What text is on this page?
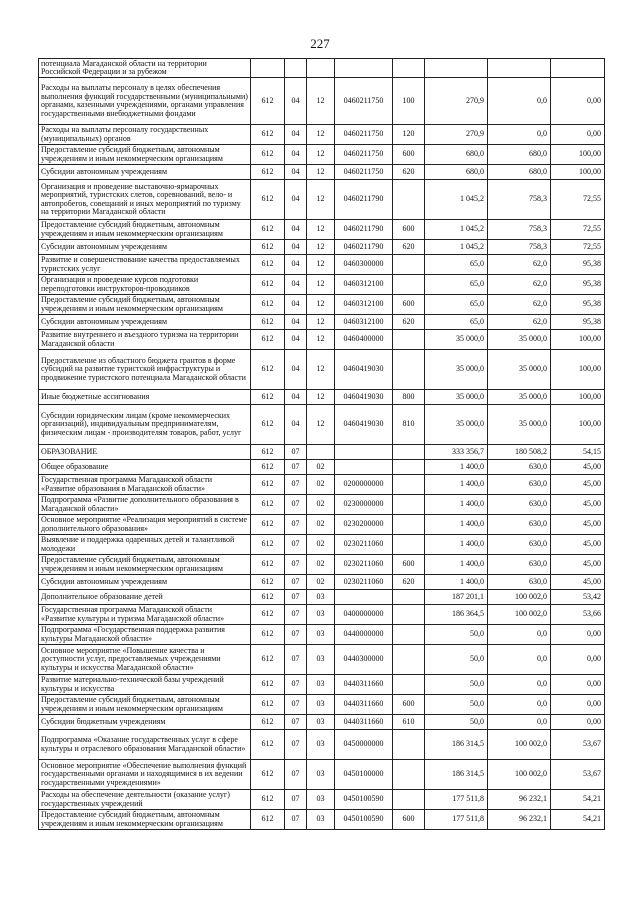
227
потенциала Магаданской области на территории Российской Федерации и за рубежом								
Расходы на выплаты персоналу в целях обеспечения выполнения функций государственными (муниципальными) органами, казенными учреждениями, органами управления государственными внебюджетными фондами	612	04	12	0460211750	100	270,9	0,0	0,00
Расходы на выплаты персоналу государственных (муниципальных) органов	612	04	12	0460211750	120	270,9	0,0	0,00
Предоставление субсидий бюджетным, автономным учреждениям и иным некоммерческим организациям	612	04	12	0460211750	600	680,0	680,0	100,00
Субсидии автономным учреждениям	612	04	12	0460211750	620	680,0	680,0	100,00
Организация и проведение выставочно-ярмарочных мероприятий, туристских слетов, соревнований, вело- и автопробегов, совещаний и иных мероприятий по туризму на территории Магаданской области	612	04	12	0460211790		1 045,2	758,3	72,55
Предоставление субсидий бюджетным, автономным учреждениям и иным некоммерческим организациям	612	04	12	0460211790	600	1 045,2	758,3	72,55
Субсидии автономным учреждениям	612	04	12	0460211790	620	1 045,2	758,3	72,55
Развитие и совершенствование качества предоставляемых туристских услуг	612	04	12	0460300000		65,0	62,0	95,38
Организация и проведение курсов подготовки переподготовки инструкторов-проводников	612	04	12	0460312100		65,0	62,0	95,38
Предоставление субсидий бюджетным, автономным учреждениям и иным некоммерческим организациям	612	04	12	0460312100	600	65,0	62,0	95,38
Субсидии автономным учреждениям	612	04	12	0460312100	620	65,0	62,0	95,38
Развитие внутреннего и въездного туризма на территории Магаданской области	612	04	12	0460400000		35 000,0	35 000,0	100,00
Предоставление из областного бюджета грантов в форме субсидий на развитие туристской инфраструктуры и продвижение туристского потенциала Магаданской области	612	04	12	0460419030		35 000,0	35 000,0	100,00
Иные бюджетные ассигнования	612	04	12	0460419030	800	35 000,0	35 000,0	100,00
Субсидии юридическим лицам (кроме некоммерческих организаций), индивидуальным предпринимателям, физическим лицам - производителям товаров, работ, услуг	612	04	12	0460419030	810	35 000,0	35 000,0	100,00
ОБРАЗОВАНИЕ	612	07				333 356,7	180 508,2	54,15
Общее образование	612	07	02			1 400,0	630,0	45,00
Государственная программа Магаданской области «Развитие образования в Магаданской области»	612	07	02	0200000000		1 400,0	630,0	45,00
Подпрограмма «Развитие дополнительного образования в Магаданской области»	612	07	02	0230000000		1 400,0	630,0	45,00
Основное мероприятие «Реализация мероприятий в системе дополнительного образования»	612	07	02	0230200000		1 400,0	630,0	45,00
Выявление и поддержка одаренных детей и талантливой молодежи	612	07	02	0230211060		1 400,0	630,0	45,00
Предоставление субсидий бюджетным, автономным учреждениям и иным некоммерческим организациям	612	07	02	0230211060	600	1 400,0	630,0	45,00
Субсидии автономным учреждениям	612	07	02	0230211060	620	1 400,0	630,0	45,00
Дополнительное образование детей	612	07	03			187 201,1	100 002,0	53,42
Государственная программа Магаданской области «Развитие культуры и туризма Магаданской области»	612	07	03	0400000000		186 364,5	100 002,0	53,66
Подпрограмма «Государственная поддержка развития культуры Магаданской области»	612	07	03	0440000000		50,0	0,0	0,00
Основное мероприятие «Повышение качества и доступности услуг, предоставляемых учреждениями культуры и искусства Магаданской области»	612	07	03	0440300000		50,0	0,0	0,00
Развитие материально-технической базы учреждений культуры и искусства	612	07	03	0440311660		50,0	0,0	0,00
Предоставление субсидий бюджетным, автономным учреждениям и иным некоммерческим организациям	612	07	03	0440311660	600	50,0	0,0	0,00
Субсидии бюджетным учреждениям	612	07	03	0440311660	610	50,0	0,0	0,00
Подпрограмма «Оказание государственных услуг в сфере культуры и отраслевого образования Магаданской области»	612	07	03	0450000000		186 314,5	100 002,0	53,67
Основное мероприятие «Обеспечение выполнения функций государственными органами и находящимися в их ведении государственными учреждениями»	612	07	03	0450100000		186 314,5	100 002,0	53,67
Расходы на обеспечение деятельности (оказание услуг) государственных учреждений	612	07	03	0450100590		177 511,8	96 232,1	54,21
Предоставление субсидий бюджетным, автономным учреждениям и иным некоммерческим организациям	612	07	03	0450100590	600	177 511,8	96 232,1	54,21
